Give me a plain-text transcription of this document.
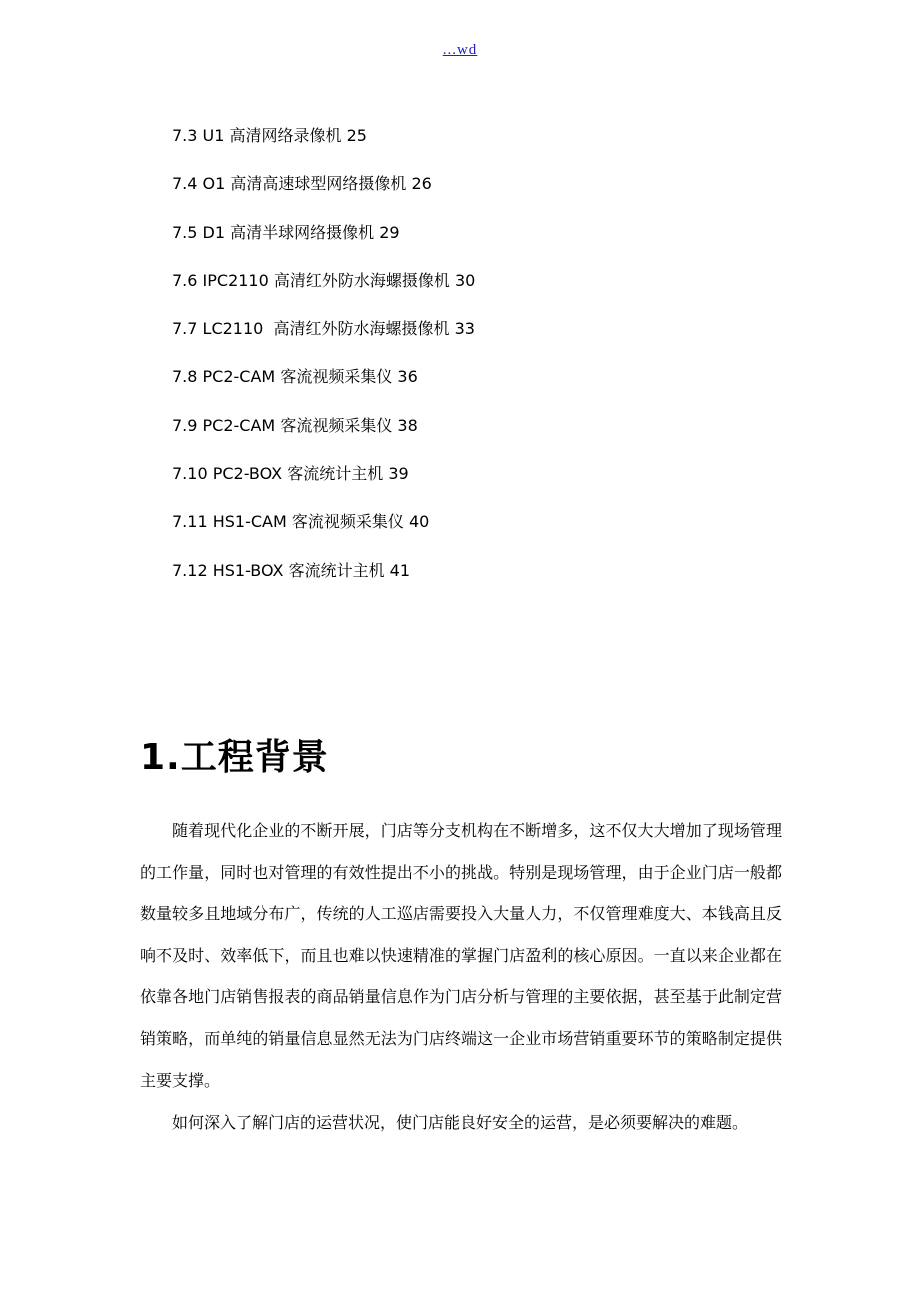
...wd
7.3 U1 高清网络录像机 25
7.4 O1 高清高速球型网络摄像机 26
7.5 D1 高清半球网络摄像机 29
7.6 IPC2110 高清红外防水海螺摄像机 30
7.7 LC2110  高清红外防水海螺摄像机 33
7.8 PC2-CAM 客流视频采集仪 36
7.9 PC2-CAM 客流视频采集仪 38
7.10 PC2-BOX 客流统计主机 39
7.11 HS1-CAM 客流视频采集仪 40
7.12 HS1-BOX 客流统计主机 41
1.工程背景

随着现代化企业的不断开展，门店等分支机构在不断增多，这不仅大大增加了现场管理的工作量，同时也对管理的有效性提出不小的挑战。特别是现场管理，由于企业门店一般都数量较多且地域分布广，传统的人工巡店需要投入大量人力，不仅管理难度大、本钱高且反响不及时、效率低下，而且也难以快速精准的掌握门店盈利的核心原因。一直以来企业都在依靠各地门店销售报表的商品销量信息作为门店分析与管理的主要依据，甚至基于此制定营销策略，而单纯的销量信息显然无法为门店终端这一企业市场营销重要环节的策略制定提供主要支撑。

如何深入了解门店的运营状况，使门店能良好安全的运营，是必须要解决的难题。
